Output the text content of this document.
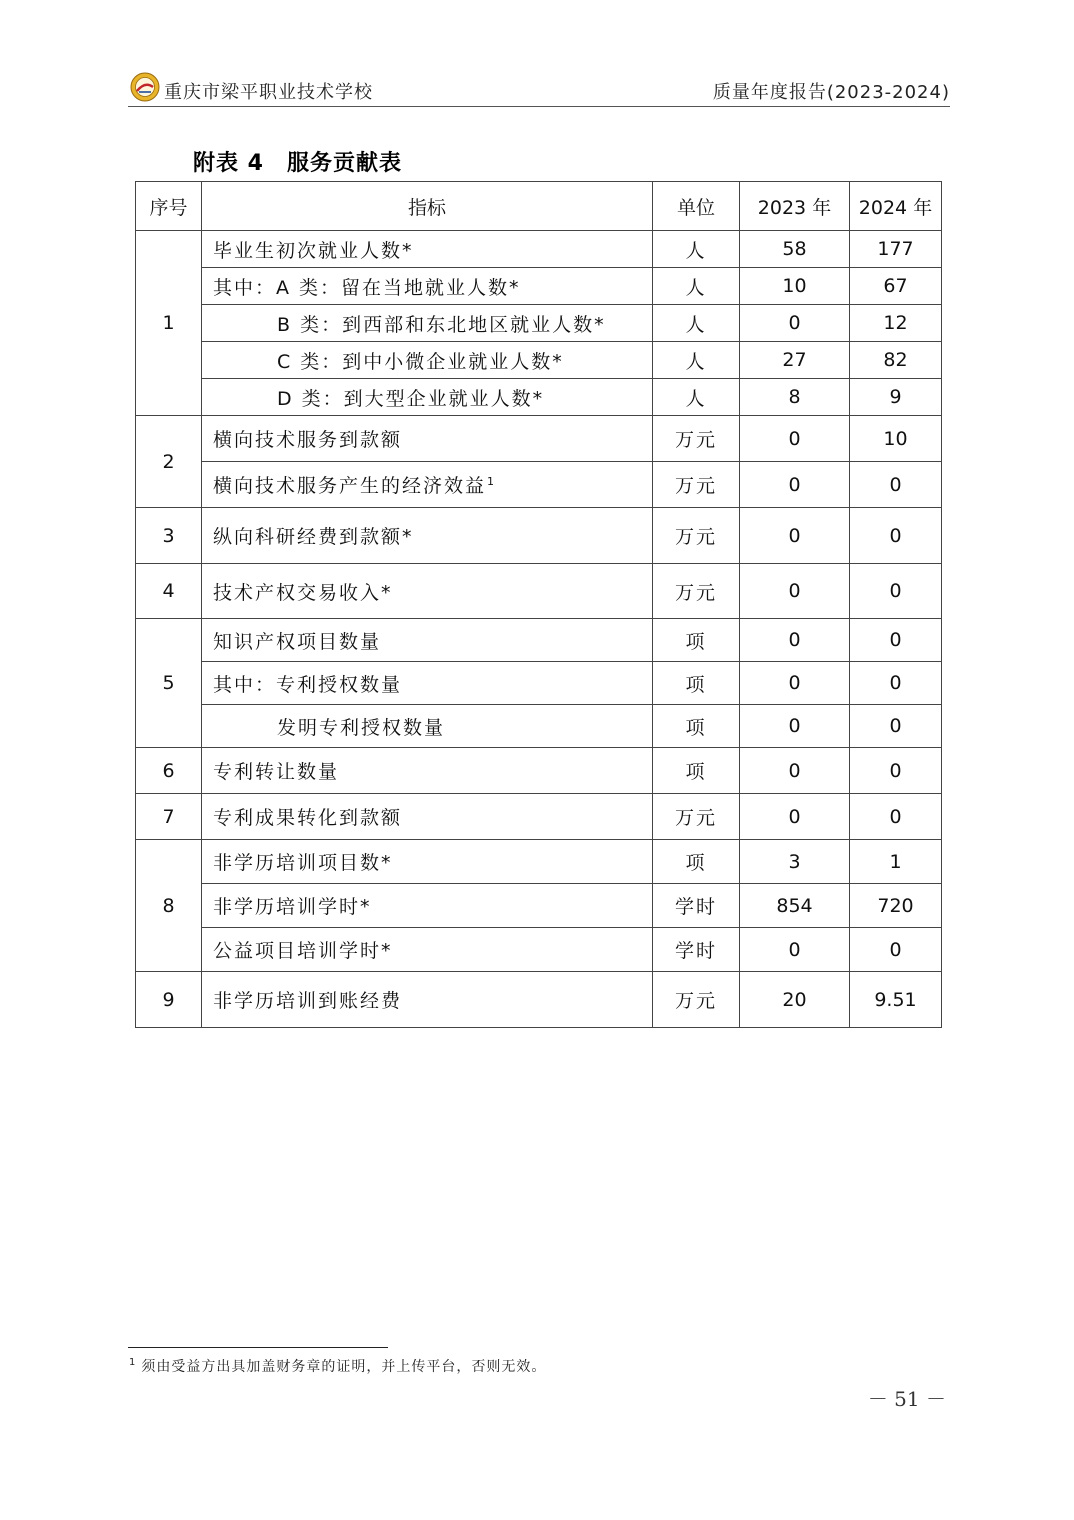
重庆市梁平职业技术学校	质量年度报告(2023-2024)
附表 4　服务贡献表
序号	指标	单位	2023 年	2024 年
1	毕业生初次就业人数*	人	58	177
	其中：A 类：留在当地就业人数*	人	10	67
	B 类：到西部和东北地区就业人数*	人	0	12
	C 类：到中小微企业就业人数*	人	27	82
	D 类：到大型企业就业人数*	人	8	9
2	横向技术服务到款额	万元	0	10
	横向技术服务产生的经济效益$^1$	万元	0	0
3	纵向科研经费到款额*	万元	0	0
4	技术产权交易收入*	万元	0	0
5	知识产权项目数量	项	0	0
	其中：专利授权数量	项	0	0
	发明专利授权数量	项	0	0
6	专利转让数量	项	0	0
7	专利成果转化到款额	万元	0	0
8	非学历培训项目数*	项	3	1
	非学历培训学时*	学时	854	720
	公益项目培训学时*	学时	0	0
9	非学历培训到账经费	万元	20	9.51
$^1$ 须由受益方出具加盖财务章的证明，并上传平台，否则无效。
－ 51 －
